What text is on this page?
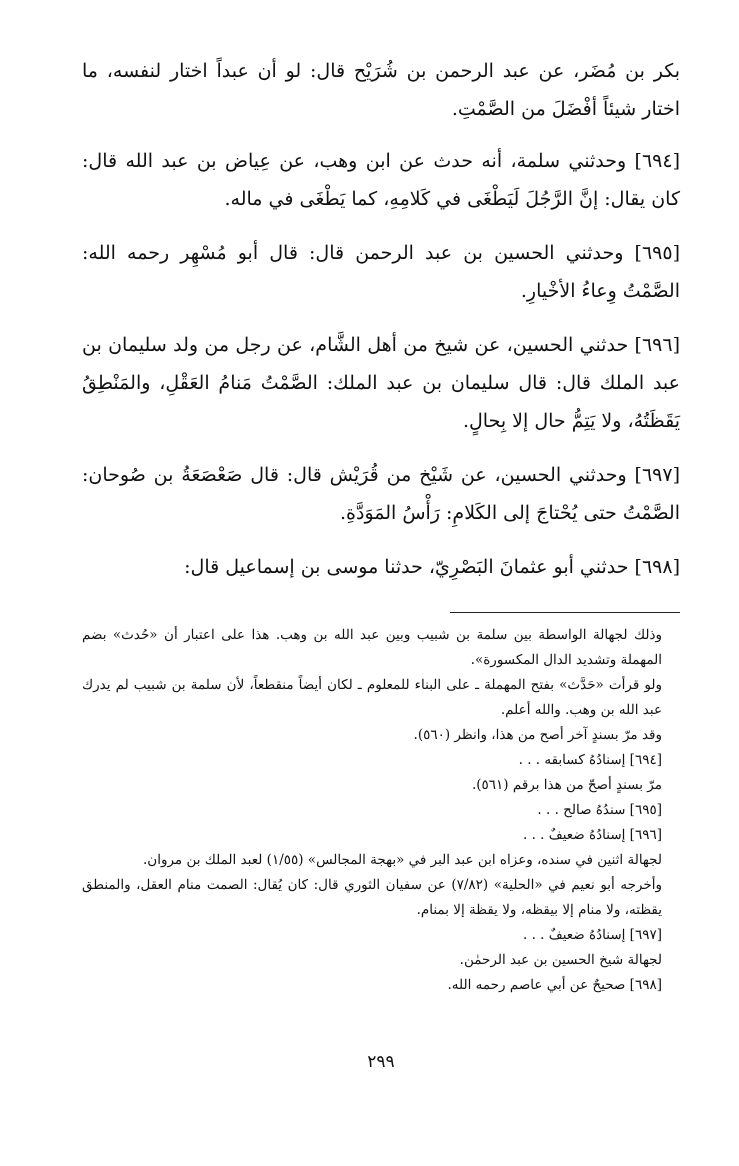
بكر بن مُضَر، عن عبد الرحمن بن شُرَيْح قال: لو أن عبداً اختار لنفسه، ما اختار شيئاً أفْضَلَ من الصَّمْتِ.

[٦٩٤] وحدثني سلمة، أنه حدث عن ابن وهب، عن عِياض بن عبد الله قال: كان يقال: إنَّ الرَّجُلَ لَيَطْغَى في كَلامِهِ، كما يَطْغَى في ماله.

[٦٩٥] وحدثني الحسين بن عبد الرحمن قال: قال أبو مُسْهِر رحمه الله: الصَّمْتُ وِعاءُ الأخْيارِ.

[٦٩٦] حدثني الحسين، عن شيخ من أهل الشَّام، عن رجل من ولد سليمان بن عبد الملك قال: قال سليمان بن عبد الملك: الصَّمْتُ مَنامُ العَقْلِ، والمَنْطِقُ يَقَظَتُهُ، ولا يَتِمُّ حال إلا بِحالٍ.

[٦٩٧] وحدثني الحسين، عن شَيْخ من قُرَيْش قال: قال صَعْصَعَةُ بن صُوحان: الصَّمْتُ حتى يُحْتاجَ إلى الكَلامِ: رَأْسُ المَوَدَّةِ.

[٦٩٨] حدثني أبو عثمانَ البَصْرِيّ، حدثنا موسى بن إسماعيل قال:

وذلك لجهالة الواسطة بين سلمة بن شبيب وبين عبد الله بن وهب. هذا على اعتبار أن «حُدث» بضم المهملة وتشديد الدال المكسورة».

ولو قرأت «حَدَّث» بفتح المهملة ـ على البناء للمعلوم ـ لكان أيضاً منقطعاً، لأن سلمة بن شبيب لم يدرك عبد الله بن وهب. والله أعلم.

وقد مرّ بسندٍ آخر أصح من هذا، وانظر (٥٦٠).

[٦٩٤] إسنادُهُ كسابقه . . .

مرّ بسندٍ أصحّ من هذا برقم (٥٦١).

[٦٩٥] سندُهُ صالح . . .

[٦٩٦] إسنادُهُ ضعيفٌ . . .

لجهالة اثنين في سنده، وعزاه ابن عبد البر في «بهجة المجالس» (١/٥٥) لعبد الملك بن مروان.

وأخرجه أبو نعيم في «الحلية» (٧/٨٢) عن سفيان الثوري قال: كان يُقال: الصمت منام العقل، والمنطق يقظته، ولا منام إلا بيقظه، ولا يقظة إلا بمنام.

[٦٩٧] إسنادُهُ ضعيفٌ . . .

لجهالة شيخ الحسين بن عبد الرحمٰن.

[٦٩٨] صحيحٌ عن أبي عاصم رحمه الله.

٢٩٩
